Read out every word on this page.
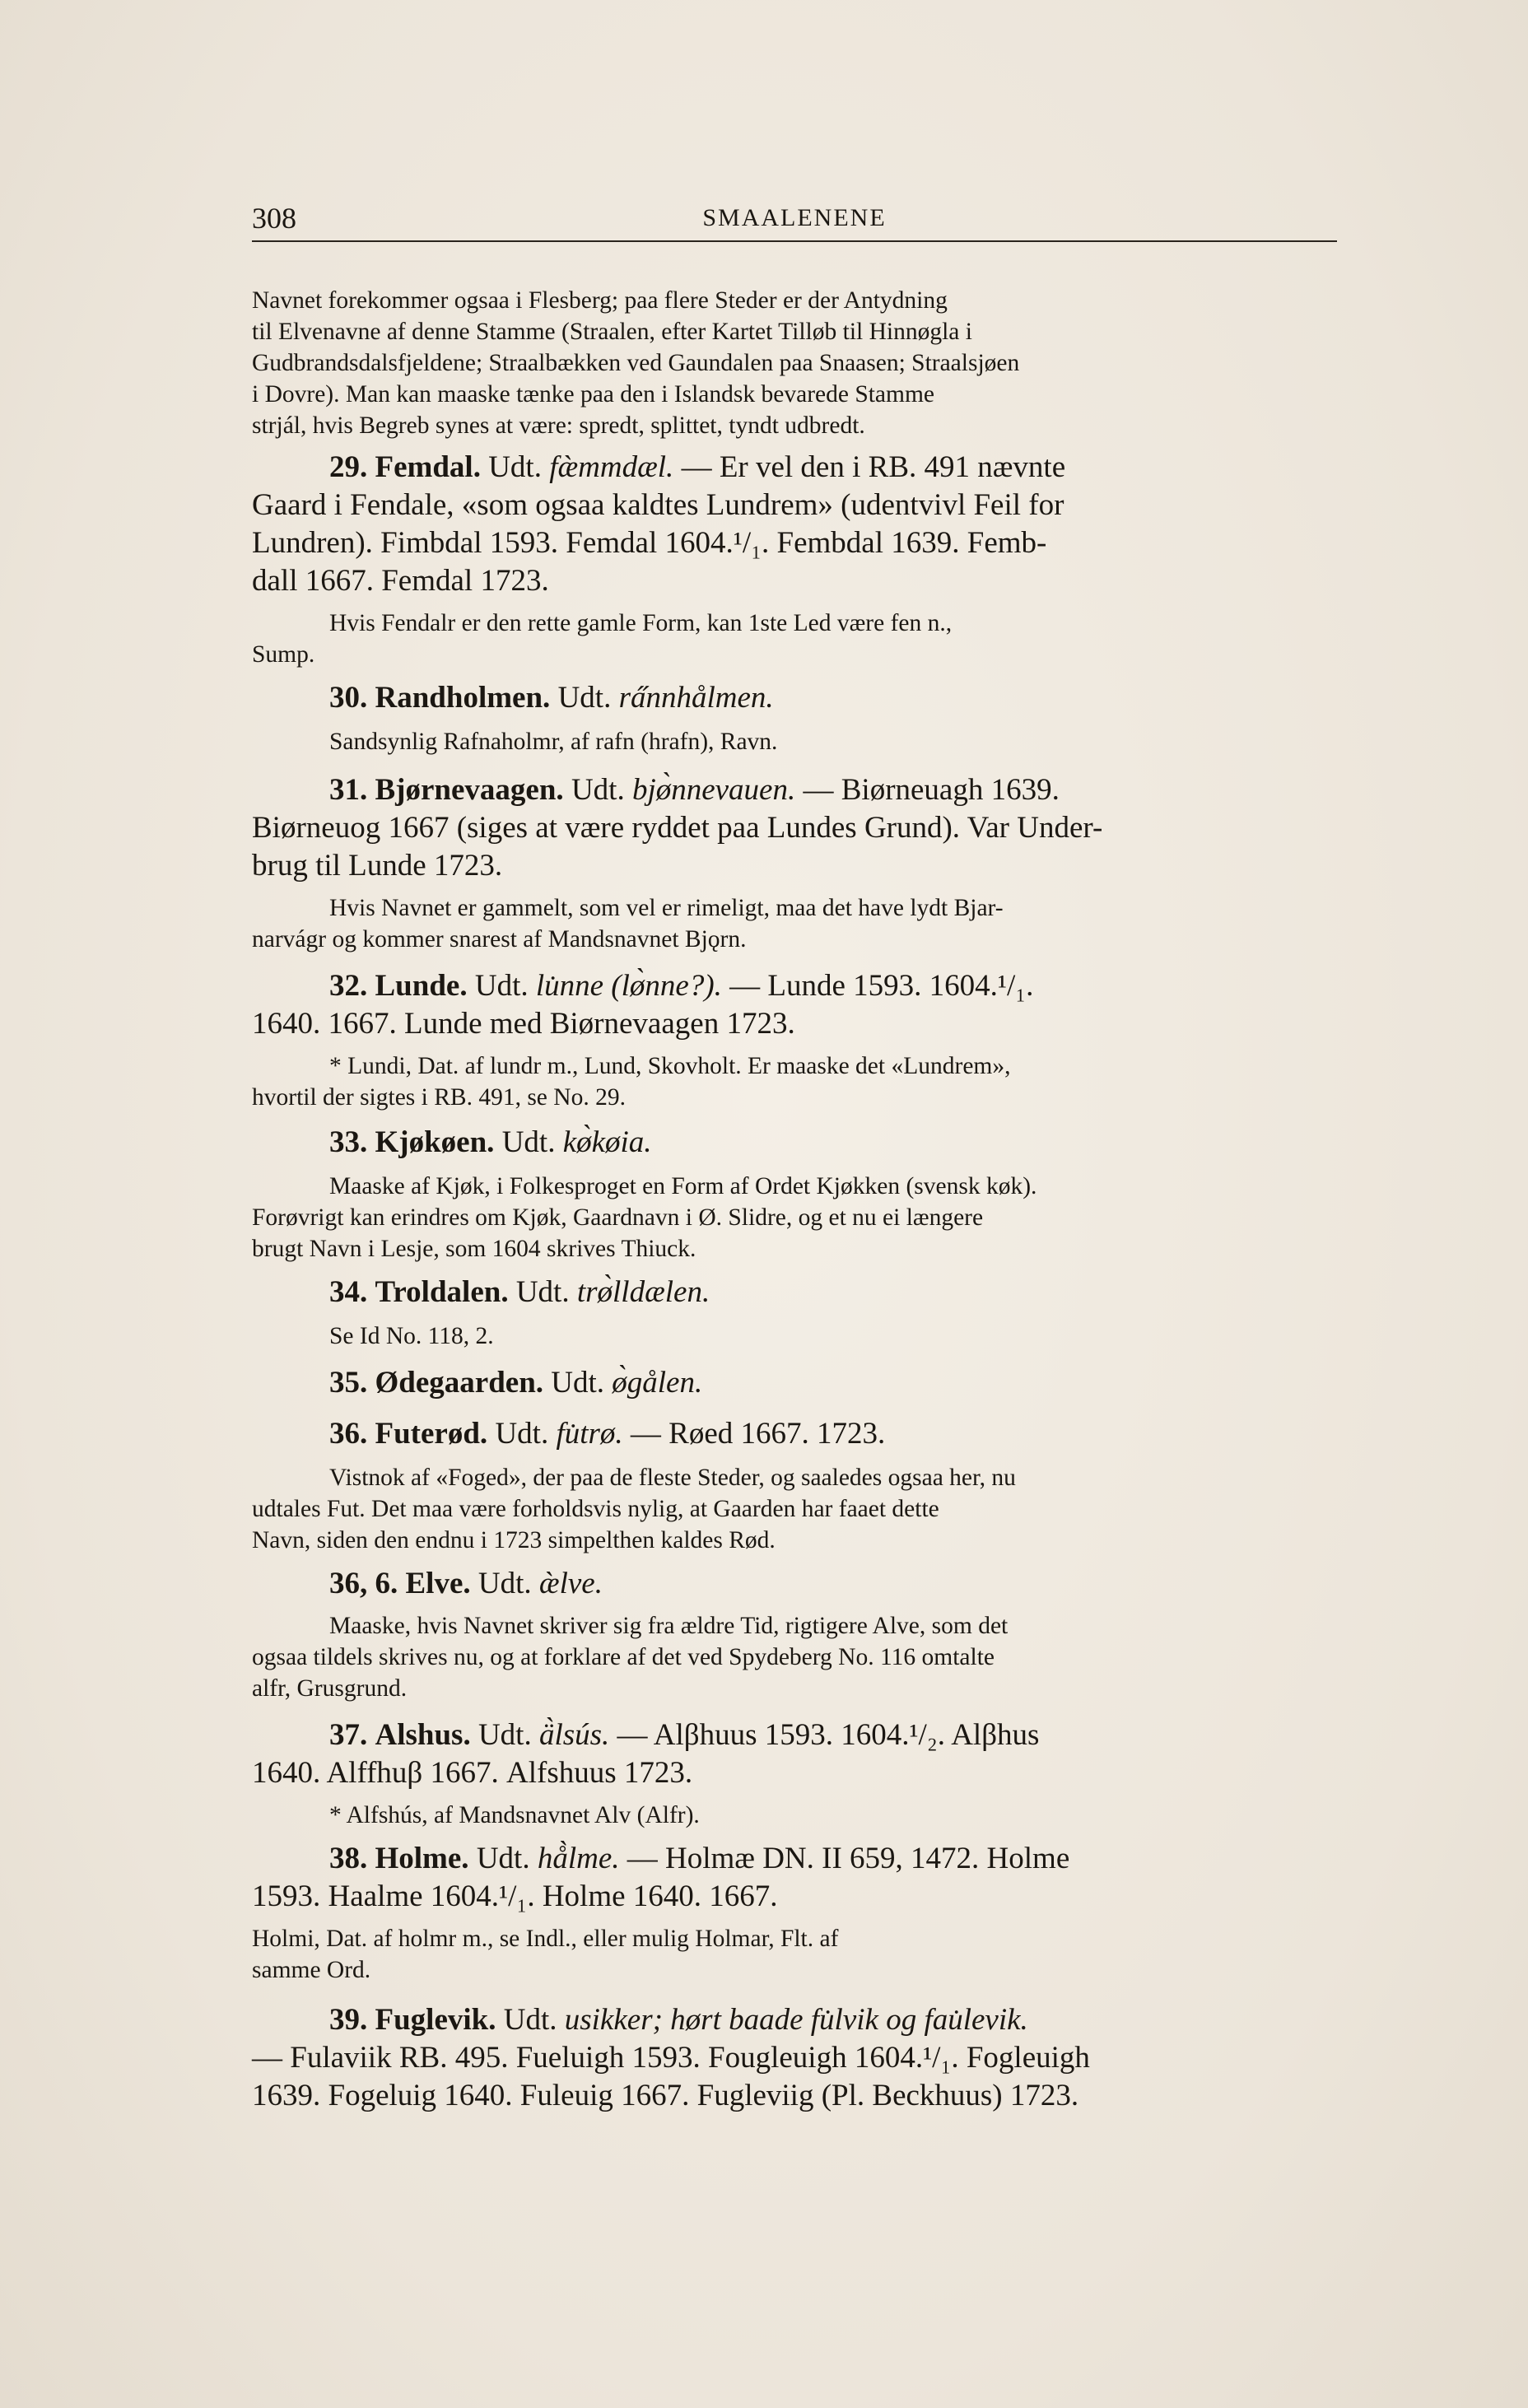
308	SMAALENENE

Navnet forekommer ogsaa i Flesberg; paa flere Steder er der Antydning

til Elvenavne af denne Stamme (Straalen, efter Kartet Tilløb til Hinnøgla i

Gudbrandsdalsfjeldene; Straalbækken ved Gaundalen paa Snaasen; Straalsjøen

i Dovre). Man kan maaske tænke paa den i Islandsk bevarede Stamme

strjál, hvis Begreb synes at være: spredt, splittet, tyndt udbredt.

29. Femdal. Udt. fæ̀mmdæl. — Er vel den i RB. 491 nævnte

Gaard i Fendale, «som ogsaa kaldtes Lundrem» (udentvivl Feil for

Lundren). Fimbdal 1593. Femdal 1604.¹/₁. Fembdal 1639. Femb-

dall 1667. Femdal 1723.

Hvis Fendalr er den rette gamle Form, kan 1ste Led være fen n.,

Sump.

30. Randholmen. Udt. ra̋nnhålmen.

Sandsynlig Rafnaholmr, af rafn (hrafn), Ravn.

31. Bjørnevaagen. Udt. bjø̀nnevauen. — Biørneuagh 1639.

Biørneuog 1667 (siges at være ryddet paa Lundes Grund). Var Under-

brug til Lunde 1723.

Hvis Navnet er gammelt, som vel er rimeligt, maa det have lydt Bjar-

narvágr og kommer snarest af Mandsnavnet Bjǫrn.

32. Lunde. Udt. lu̇nne (lø̀nne?). — Lunde 1593. 1604.¹/₁.

1640. 1667. Lunde med Biørnevaagen 1723.

* Lundi, Dat. af lundr m., Lund, Skovholt. Er maaske det «Lundrem»,

hvortil der sigtes i RB. 491, se No. 29.

33. Kjøkøen. Udt. kø̀køia.

Maaske af Kjøk, i Folkesproget en Form af Ordet Kjøkken (svensk køk).

Forøvrigt kan erindres om Kjøk, Gaardnavn i Ø. Slidre, og et nu ei længere

brugt Navn i Lesje, som 1604 skrives Thiuck.

34. Troldalen. Udt. trø̀lldælen.

Se Id No. 118, 2.

35. Ødegaarden. Udt. ø̀gålen.
36. Futerød. Udt. fu̇trø. — Røed 1667. 1723.

Vistnok af «Foged», der paa de fleste Steder, og saaledes ogsaa her, nu

udtales Fut. Det maa være forholdsvis nylig, at Gaarden har faaet dette

Navn, siden den endnu i 1723 simpelthen kaldes Rød.

36, 6. Elve. Udt. æ̀lve.

Maaske, hvis Navnet skriver sig fra ældre Tid, rigtigere Alve, som det

ogsaa tildels skrives nu, og at forklare af det ved Spydeberg No. 116 omtalte

alfr, Grusgrund.

37. Alshus. Udt. ä̀lsús. — Alβhuus 1593. 1604.¹/₂. Alβhus

1640. Alffhuβ 1667. Alfshuus 1723.

* Alfshús, af Mandsnavnet Alv (Alfr).

38. Holme. Udt. hå̀lme. — Holmæ DN. II 659, 1472. Holme

1593. Haalme 1604.¹/₁. Holme 1640. 1667.

Holmi, Dat. af holmr m., se Indl., eller mulig Holmar, Flt. af

samme Ord.

39. Fuglevik. Udt. usikker; hørt baade fu̇lvik og fau̇levik.

— Fulaviik RB. 495. Fueluigh 1593. Fougleuigh 1604.¹/₁. Fogleuigh

1639. Fogeluig 1640. Fuleuig 1667. Fugleviig (Pl. Beckhuus) 1723.
